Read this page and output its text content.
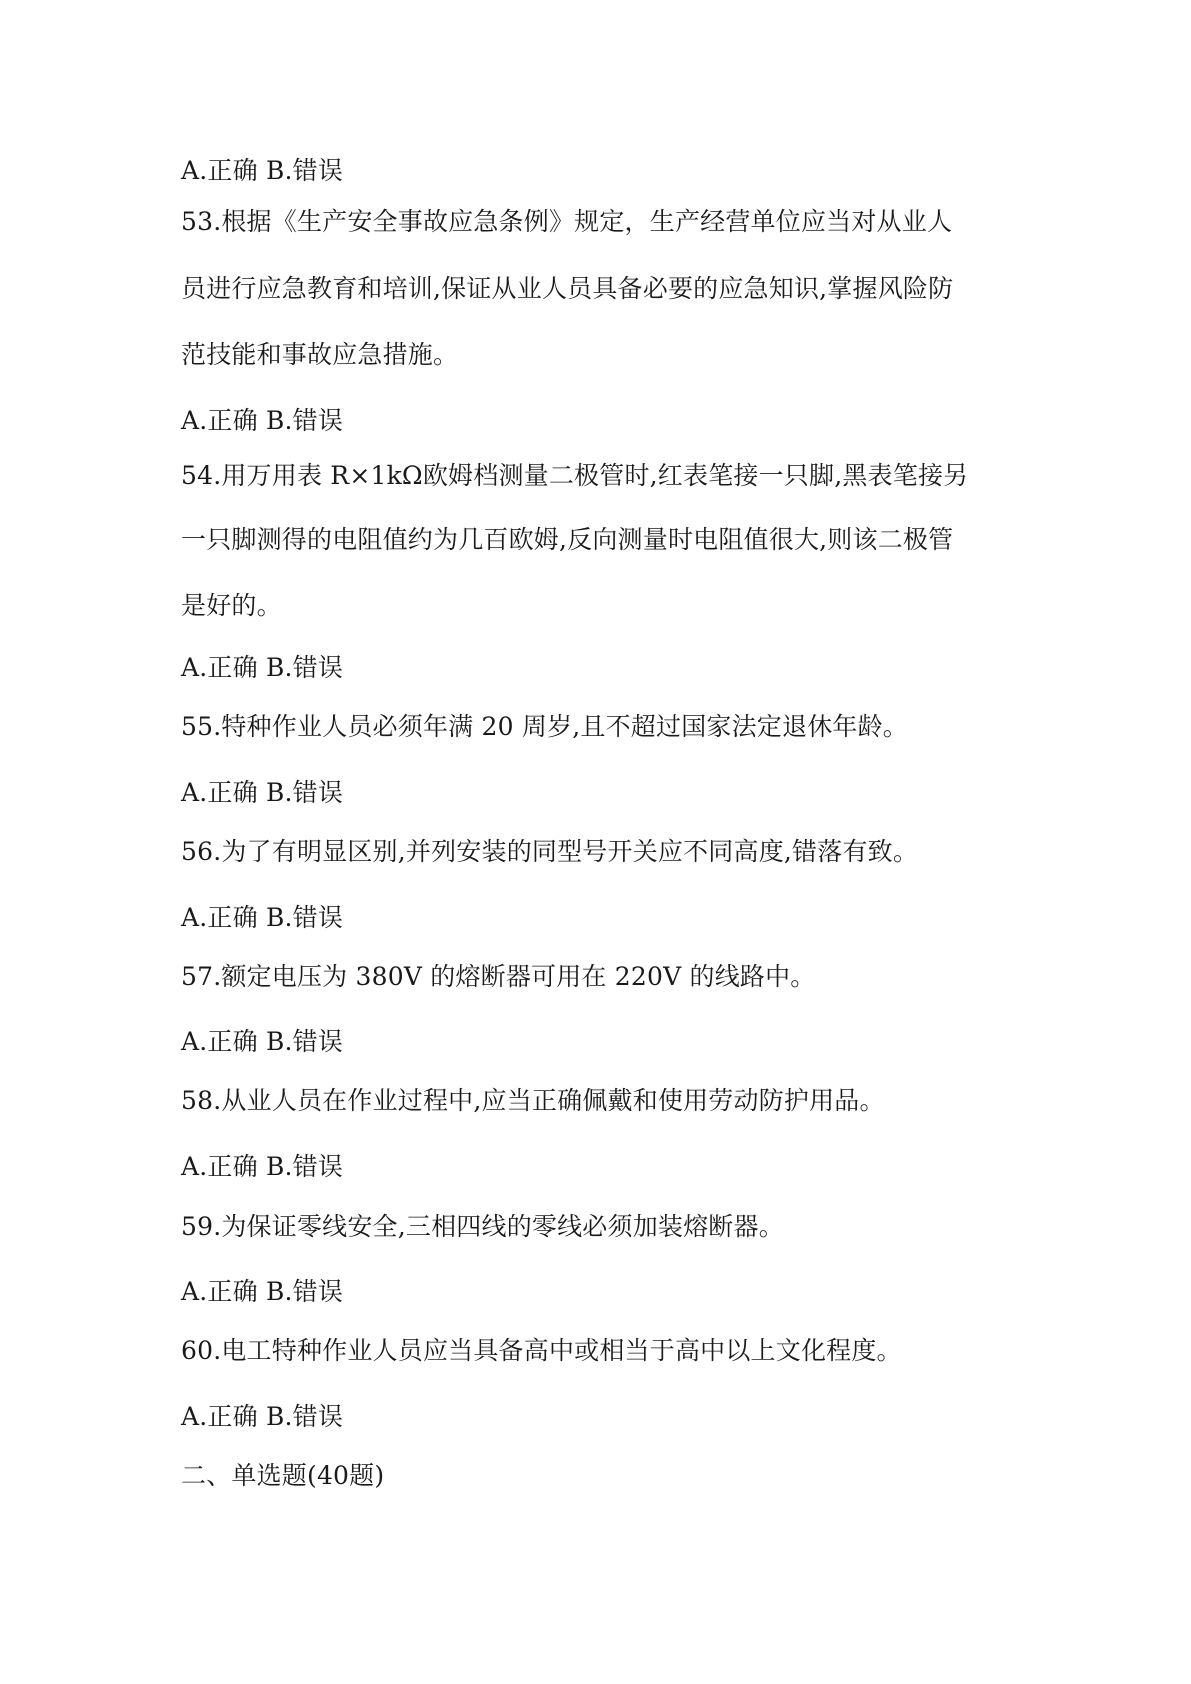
A.正确 B.错误
53.根据《生产安全事故应急条例》规定，生产经营单位应当对从业人
员进行应急教育和培训,保证从业人员具备必要的应急知识,掌握风险防
范技能和事故应急措施。
A.正确 B.错误
54.用万用表 R×1kΩ欧姆档测量二极管时,红表笔接一只脚,黑表笔接另
一只脚测得的电阻值约为几百欧姆,反向测量时电阻值很大,则该二极管
是好的。
A.正确 B.错误
55.特种作业人员必须年满 20 周岁,且不超过国家法定退休年龄。
A.正确 B.错误
56.为了有明显区别,并列安装的同型号开关应不同高度,错落有致。
A.正确 B.错误
57.额定电压为 380V 的熔断器可用在 220V 的线路中。
A.正确 B.错误
58.从业人员在作业过程中,应当正确佩戴和使用劳动防护用品。
A.正确 B.错误
59.为保证零线安全,三相四线的零线必须加装熔断器。
A.正确 B.错误
60.电工特种作业人员应当具备高中或相当于高中以上文化程度。
A.正确 B.错误
二、单选题(40题)
